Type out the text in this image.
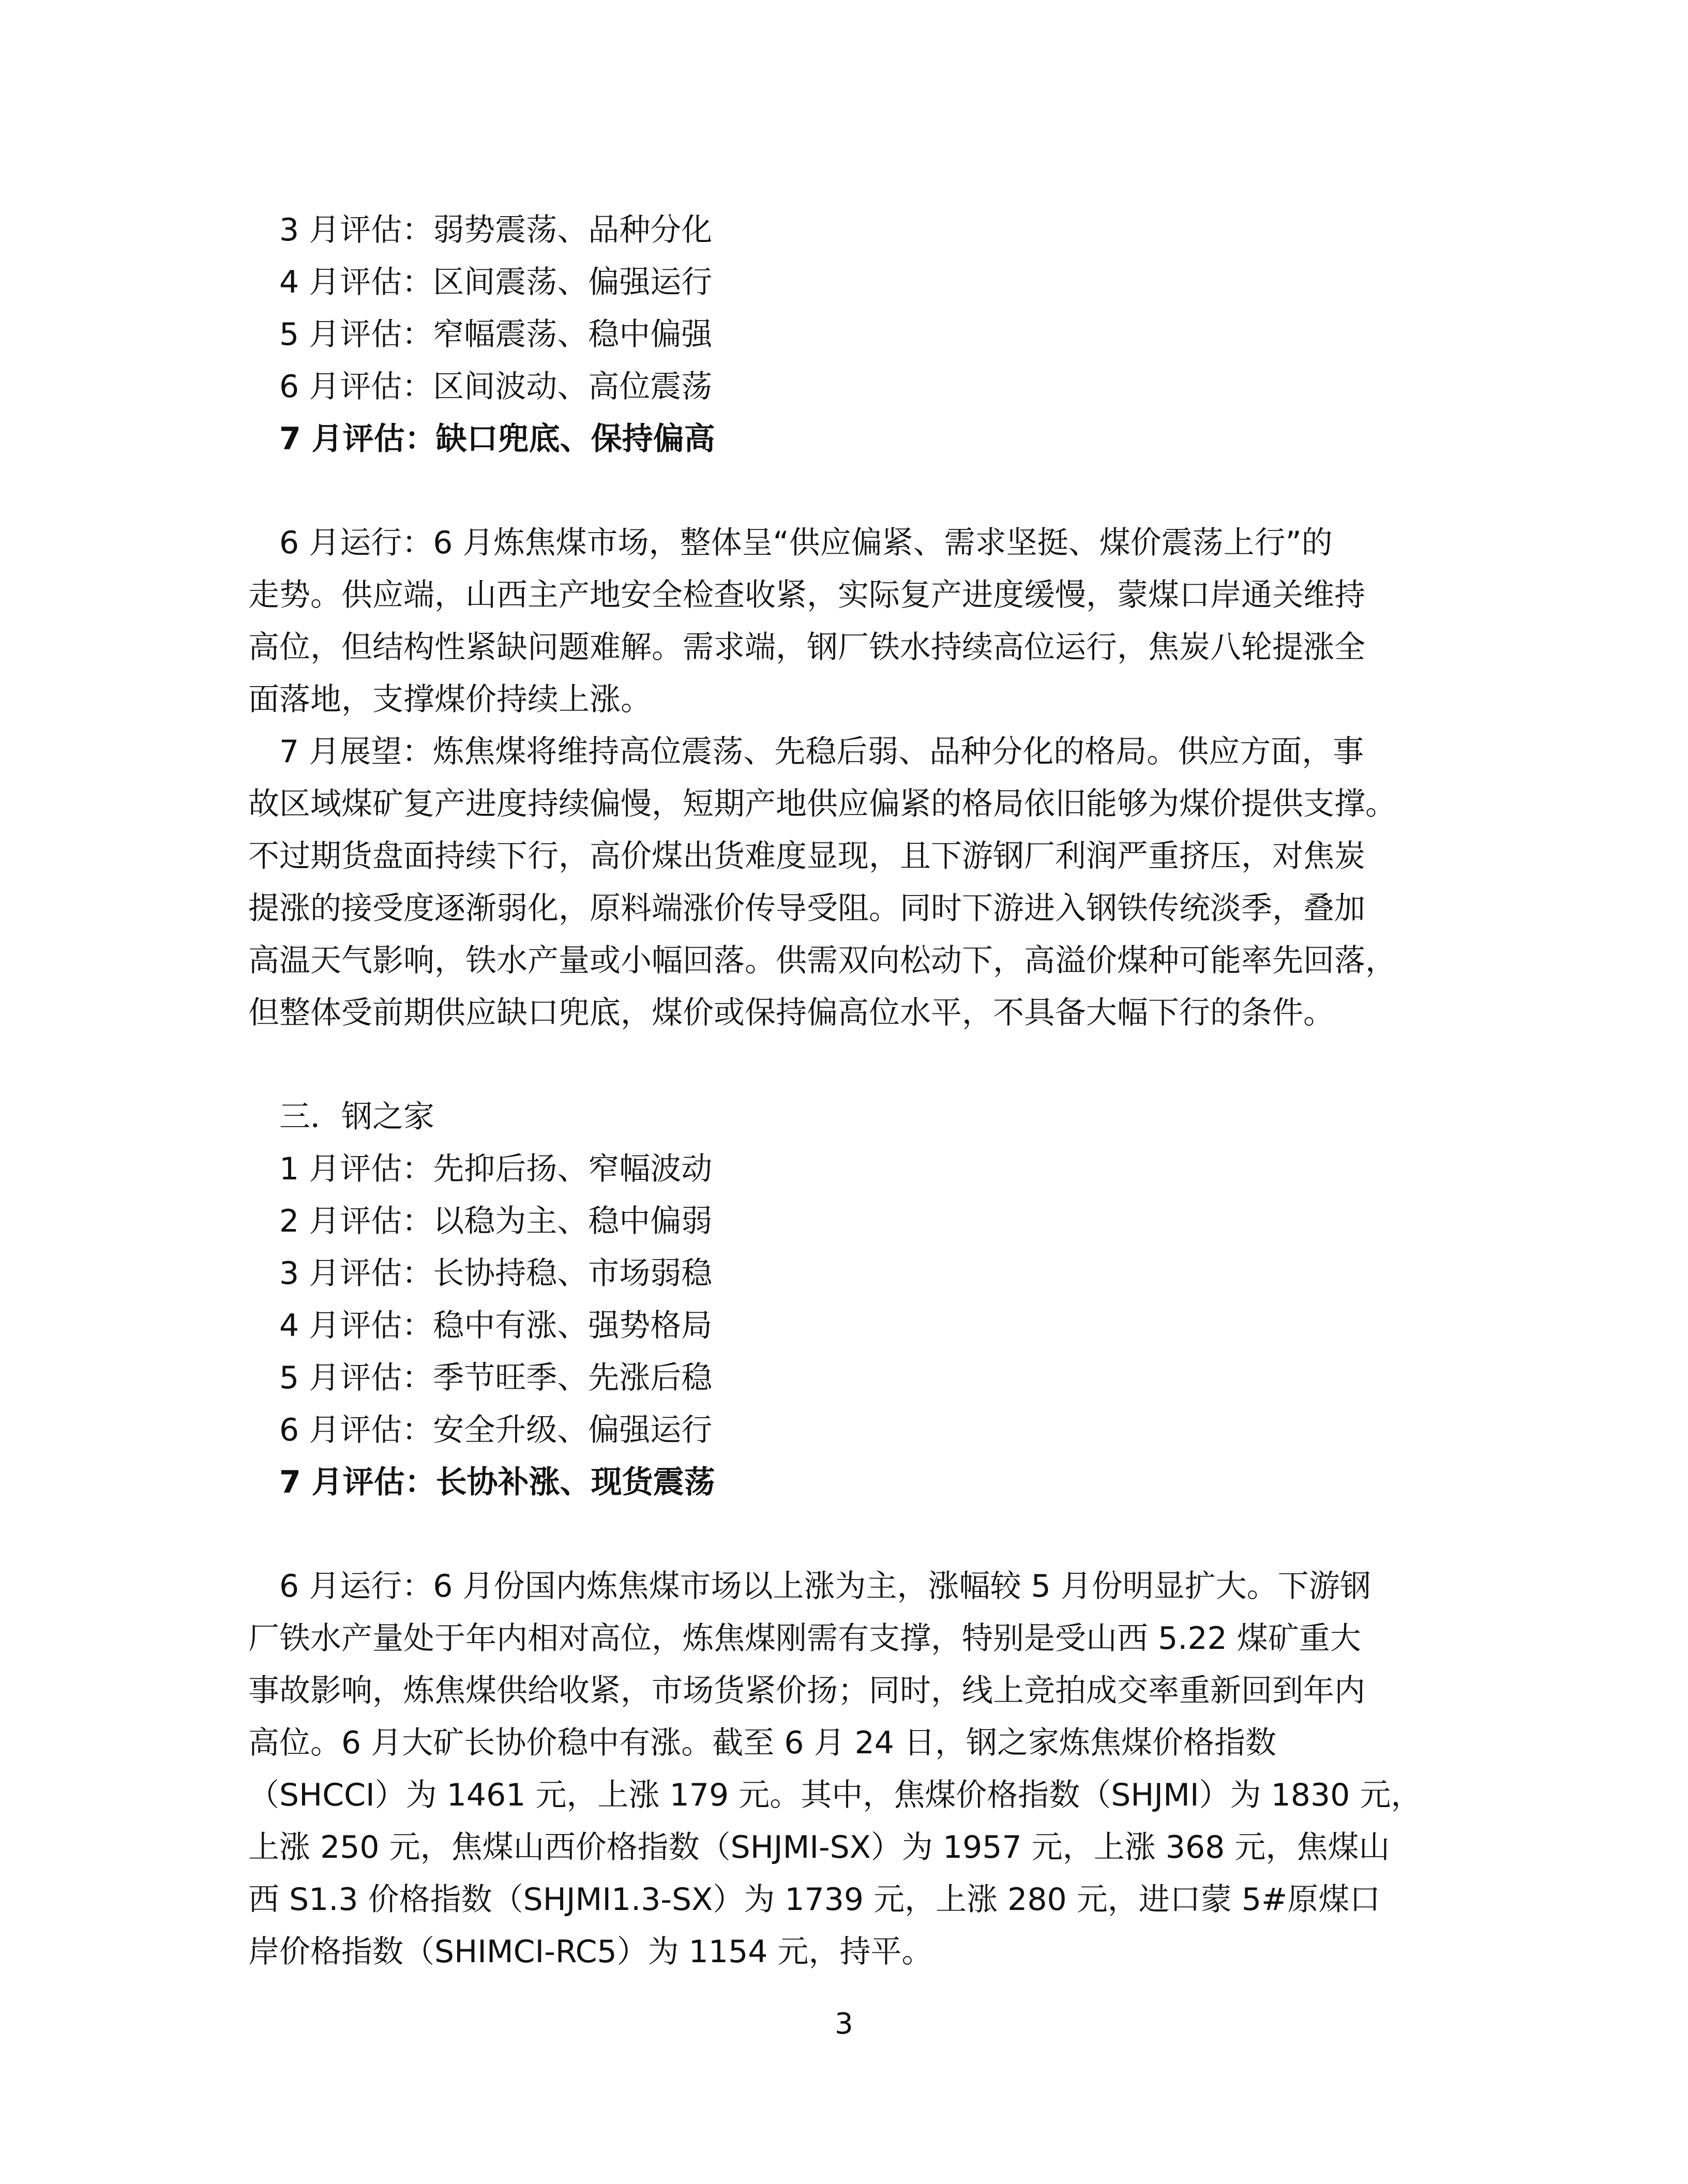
3 月评估：弱势震荡、品种分化
4 月评估：区间震荡、偏强运行
5 月评估：窄幅震荡、稳中偏强
6 月评估：区间波动、高位震荡
7 月评估：缺口兜底、保持偏高

6 月运行：6 月炼焦煤市场，整体呈“供应偏紧、需求坚挺、煤价震荡上行”的
走势。供应端，山西主产地安全检查收紧，实际复产进度缓慢，蒙煤口岸通关维持
高位，但结构性紧缺问题难解。需求端，钢厂铁水持续高位运行，焦炭八轮提涨全
面落地，支撑煤价持续上涨。

7 月展望：炼焦煤将维持高位震荡、先稳后弱、品种分化的格局。供应方面，事
故区域煤矿复产进度持续偏慢，短期产地供应偏紧的格局依旧能够为煤价提供支撑。
不过期货盘面持续下行，高价煤出货难度显现，且下游钢厂利润严重挤压，对焦炭
提涨的接受度逐渐弱化，原料端涨价传导受阻。同时下游进入钢铁传统淡季，叠加
高温天气影响，铁水产量或小幅回落。供需双向松动下，高溢价煤种可能率先回落，
但整体受前期供应缺口兜底，煤价或保持偏高位水平，不具备大幅下行的条件。

三．钢之家
1 月评估：先抑后扬、窄幅波动
2 月评估：以稳为主、稳中偏弱
3 月评估：长协持稳、市场弱稳
4 月评估：稳中有涨、强势格局
5 月评估：季节旺季、先涨后稳
6 月评估：安全升级、偏强运行
7 月评估：长协补涨、现货震荡

6 月运行：6 月份国内炼焦煤市场以上涨为主，涨幅较 5 月份明显扩大。下游钢
厂铁水产量处于年内相对高位，炼焦煤刚需有支撑，特别是受山西 5.22 煤矿重大
事故影响，炼焦煤供给收紧，市场货紧价扬；同时，线上竞拍成交率重新回到年内
高位。6 月大矿长协价稳中有涨。截至 6 月 24 日，钢之家炼焦煤价格指数
（SHCCI）为 1461 元，上涨 179 元。其中，焦煤价格指数（SHJMI）为 1830 元，
上涨 250 元，焦煤山西价格指数（SHJMI-SX）为 1957 元，上涨 368 元，焦煤山
西 S1.3 价格指数（SHJMI1.3-SX）为 1739 元，上涨 280 元，进口蒙 5#原煤口
岸价格指数（SHIMCI-RC5）为 1154 元，持平。

3
